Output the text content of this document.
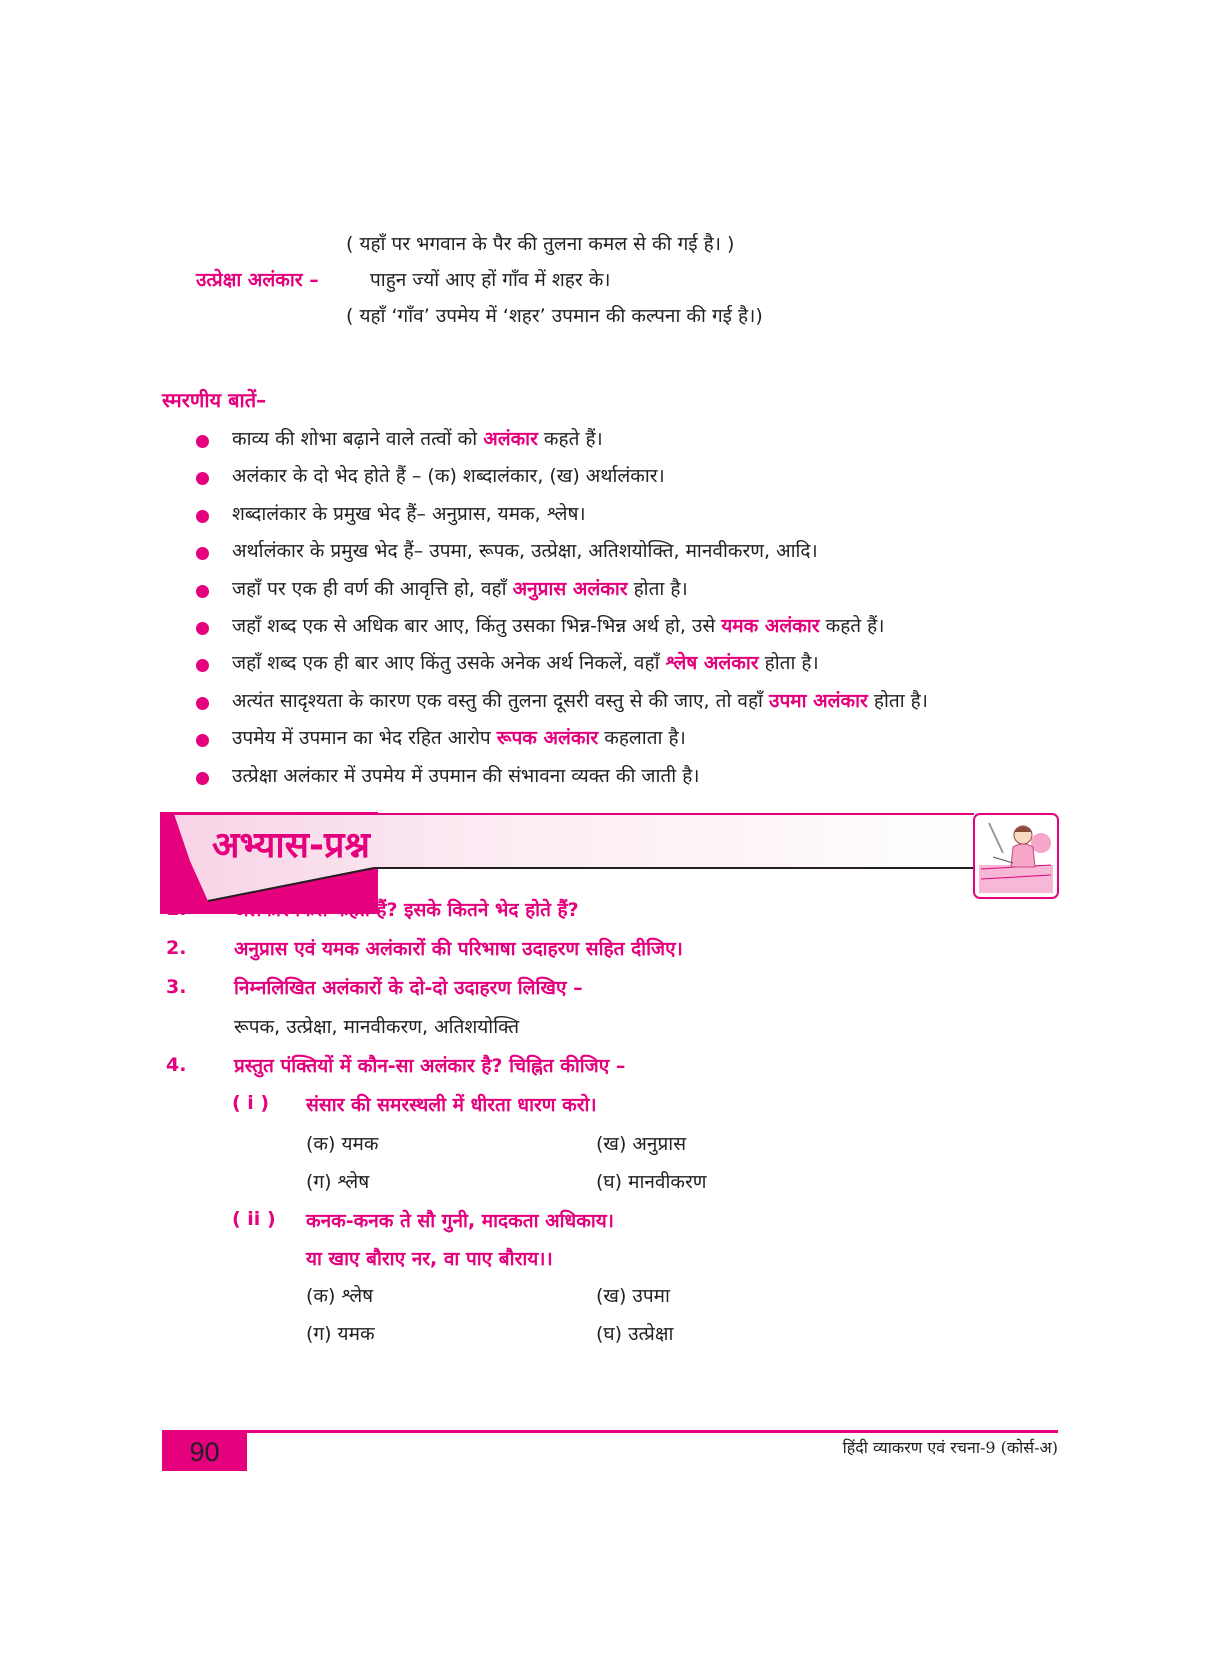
( यहाँ पर भगवान के पैर की तुलना कमल से की गई है। )
उत्प्रेक्षा अलंकार –	पाहुन ज्यों आए हों गाँव में शहर के।
( यहाँ ‘गाँव’ उपमेय में ‘शहर’ उपमान की कल्पना की गई है।)
स्मरणीय बातें–
काव्य की शोभा बढ़ाने वाले तत्वों को अलंकार कहते हैं।
अलंकार के दो भेद होते हैं – (क) शब्दालंकार, (ख) अर्थालंकार।
शब्दालंकार के प्रमुख भेद हैं– अनुप्रास, यमक, श्लेष।
अर्थालंकार के प्रमुख भेद हैं– उपमा, रूपक, उत्प्रेक्षा, अतिशयोक्ति, मानवीकरण, आदि।
जहाँ पर एक ही वर्ण की आवृत्ति हो, वहाँ अनुप्रास अलंकार होता है।
जहाँ शब्द एक से अधिक बार आए, किंतु उसका भिन्न-भिन्न अर्थ हो, उसे यमक अलंकार कहते हैं।
जहाँ शब्द एक ही बार आए किंतु उसके अनेक अर्थ निकलें, वहाँ श्लेष अलंकार होता है।
अत्यंत सादृश्यता के कारण एक वस्तु की तुलना दूसरी वस्तु से की जाए, तो वहाँ उपमा अलंकार होता है।
उपमेय में उपमान का भेद रहित आरोप रूपक अलंकार कहलाता है।
उत्प्रेक्षा अलंकार में उपमेय में उपमान की संभावना व्यक्त की जाती है।
अभ्यास-प्रश्न
1.	अलंकार किसे कहते हैं? इसके कितने भेद होते हैं?
2.	अनुप्रास एवं यमक अलंकारों की परिभाषा उदाहरण सहित दीजिए।
3.	निम्नलिखित अलंकारों के दो-दो उदाहरण लिखिए –
रूपक, उत्प्रेक्षा, मानवीकरण, अतिशयोक्ति
4.	प्रस्तुत पंक्तियों में कौन-सा अलंकार है? चिह्नित कीजिए –
( i ) संसार की समरस्थली में धीरता धारण करो।
(क) यमक	(ख) अनुप्रास
(ग) श्लेष	(घ) मानवीकरण
( ii ) कनक-कनक ते सौ गुनी, मादकता अधिकाय।
या खाए बौराए नर, वा पाए बौराय।।
(क) श्लेष	(ख) उपमा
(ग) यमक	(घ) उत्प्रेक्षा
90	हिंदी व्याकरण एवं रचना-9 (कोर्स-अ)
